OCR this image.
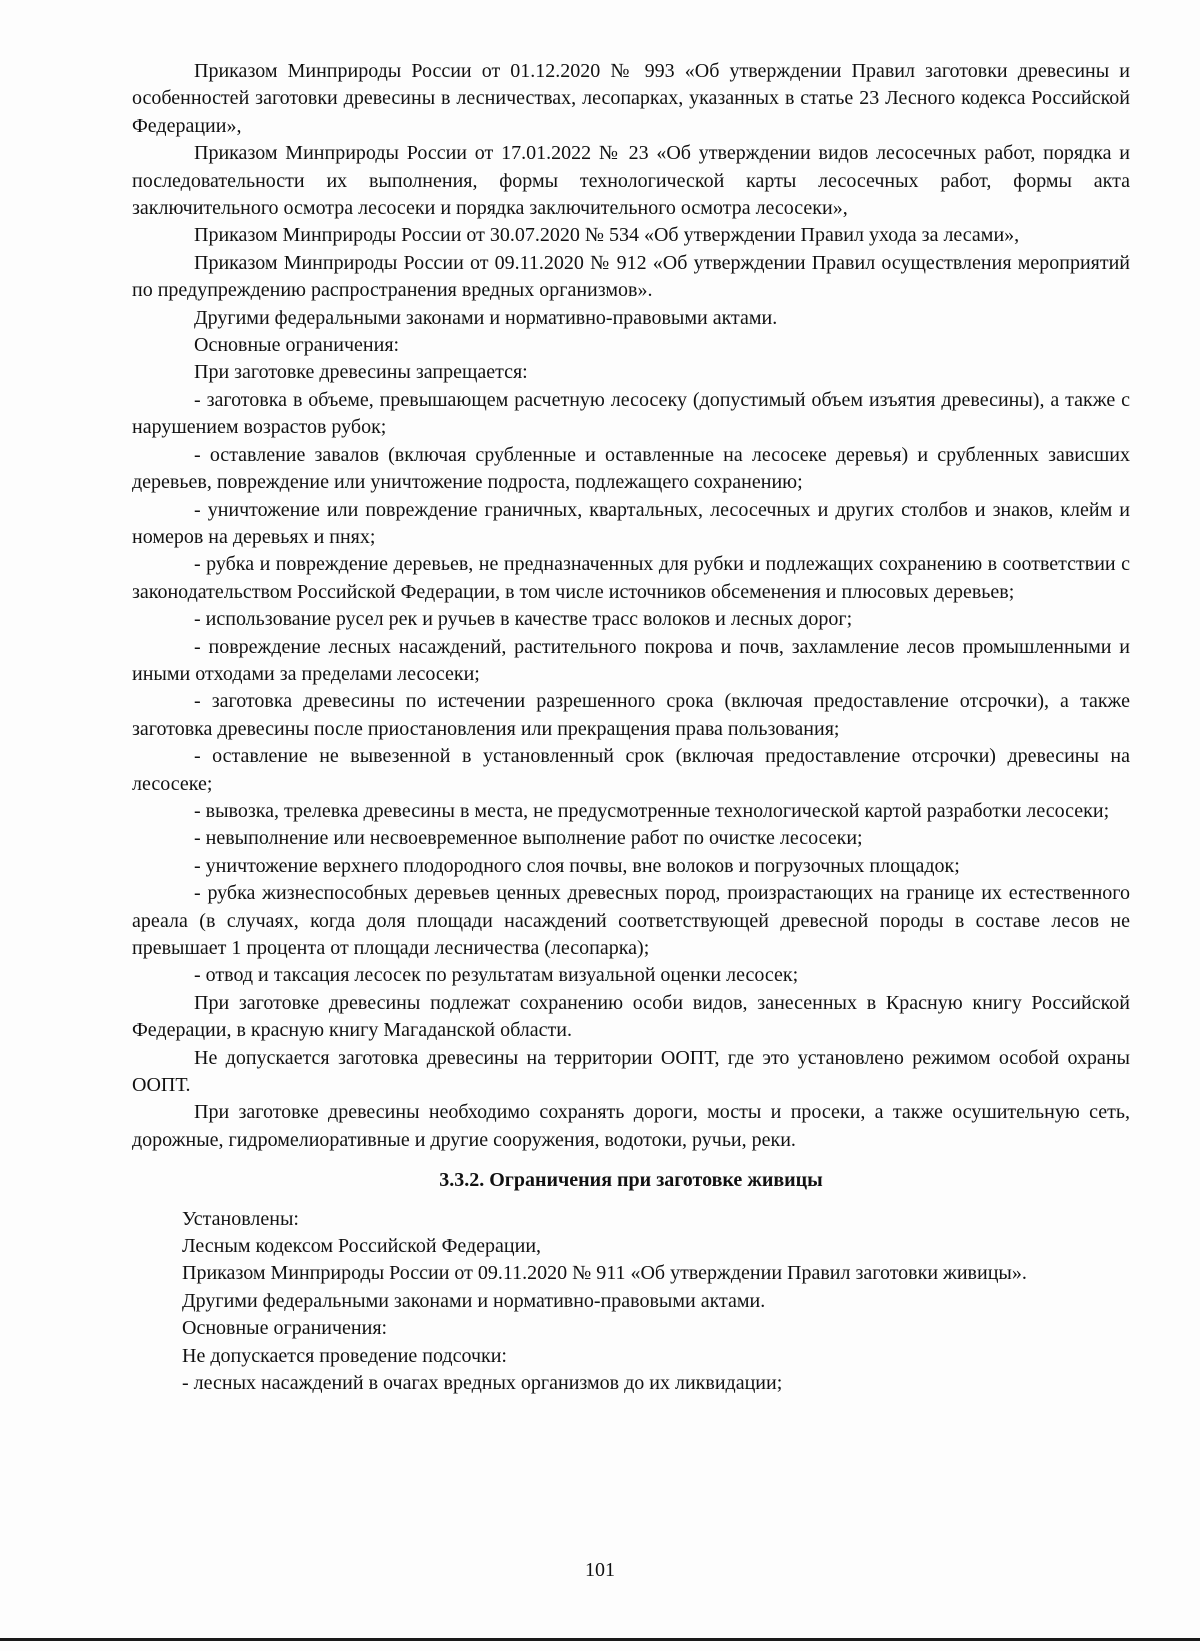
Приказом Минприроды России от 01.12.2020 № 993 «Об утверждении Правил заготовки древесины и особенностей заготовки древесины в лесничествах, лесопарках, указанных в статье 23 Лесного кодекса Российской Федерации»,

Приказом Минприроды России от 17.01.2022 № 23 «Об утверждении видов лесосечных работ, порядка и последовательности их выполнения, формы технологической карты лесосечных работ, формы акта заключительного осмотра лесосеки и порядка заключительного осмотра лесосеки»,

Приказом Минприроды России от 30.07.2020 № 534 «Об утверждении Правил ухода за лесами»,

Приказом Минприроды России от 09.11.2020 № 912 «Об утверждении Правил осуществления мероприятий по предупреждению распространения вредных организмов».

Другими федеральными законами и нормативно-правовыми актами.

Основные ограничения:

При заготовке древесины запрещается:

- заготовка в объеме, превышающем расчетную лесосеку (допустимый объем изъятия древесины), а также с нарушением возрастов рубок;

- оставление завалов (включая срубленные и оставленные на лесосеке деревья) и срубленных зависших деревьев, повреждение или уничтожение подроста, подлежащего сохранению;

- уничтожение или повреждение граничных, квартальных, лесосечных и других столбов и знаков, клейм и номеров на деревьях и пнях;

- рубка и повреждение деревьев, не предназначенных для рубки и подлежащих сохранению в соответствии с законодательством Российской Федерации, в том числе источников обсеменения и плюсовых деревьев;

- использование русел рек и ручьев в качестве трасс волоков и лесных дорог;

- повреждение лесных насаждений, растительного покрова и почв, захламление лесов промышленными и иными отходами за пределами лесосеки;

- заготовка древесины по истечении разрешенного срока (включая предоставление отсрочки), а также заготовка древесины после приостановления или прекращения права пользования;

- оставление не вывезенной в установленный срок (включая предоставление отсрочки) древесины на лесосеке;

- вывозка, трелевка древесины в места, не предусмотренные технологической картой разработки лесосеки;

- невыполнение или несвоевременное выполнение работ по очистке лесосеки;

- уничтожение верхнего плодородного слоя почвы, вне волоков и погрузочных площадок;

- рубка жизнеспособных деревьев ценных древесных пород, произрастающих на границе их естественного ареала (в случаях, когда доля площади насаждений соответствующей древесной породы в составе лесов не превышает 1 процента от площади лесничества (лесопарка);

- отвод и таксация лесосек по результатам визуальной оценки лесосек;

При заготовке древесины подлежат сохранению особи видов, занесенных в Красную книгу Российской Федерации, в красную книгу Магаданской области.

Не допускается заготовка древесины на территории ООПТ, где это установлено режимом особой охраны ООПТ.

При заготовке древесины необходимо сохранять дороги, мосты и просеки, а также осушительную сеть, дорожные, гидромелиоративные и другие сооружения, водотоки, ручьи, реки.

3.3.2. Ограничения при заготовке живицы

Установлены:

Лесным кодексом Российской Федерации,

Приказом Минприроды России от 09.11.2020 № 911 «Об утверждении Правил заготовки живицы».

Другими федеральными законами и нормативно-правовыми актами.

Основные ограничения:

Не допускается проведение подсочки:

- лесных насаждений в очагах вредных организмов до их ликвидации;

101
